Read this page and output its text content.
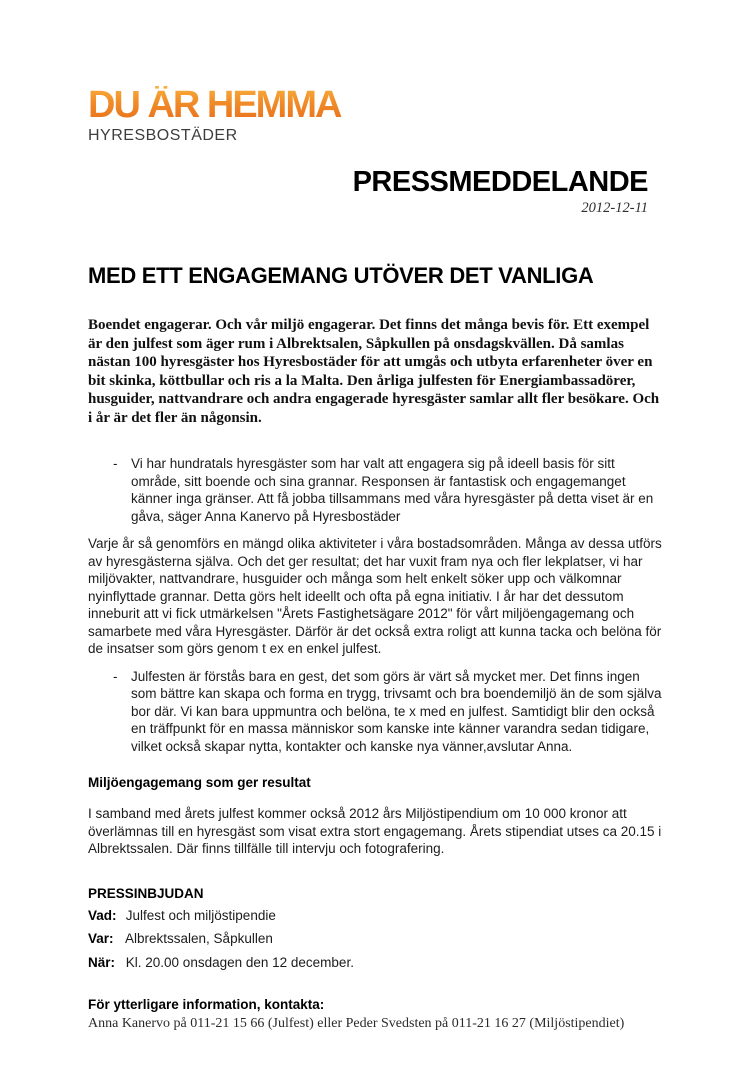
DU ÄR HEMMA
HYRESBOSTÄDER
PRESSMEDDELANDE
2012-12-11
MED ETT ENGAGEMANG UTÖVER DET VANLIGA

Boendet engagerar. Och vår miljö engagerar. Det finns det många bevis för. Ett exempel är den julfest som äger rum i Albrektsalen, Såpkullen på onsdagskvällen. Då samlas nästan 100 hyresgäster hos Hyresbostäder för att umgås och utbyta erfarenheter över en bit skinka, köttbullar och ris a la Malta. Den årliga julfesten för Energiambassadörer, husguider, nattvandrare och andra engagerade hyresgäster samlar allt fler besökare. Och i år är det fler än någonsin.

-	Vi har hundratals hyresgäster som har valt att engagera sig på ideell basis för sitt område, sitt boende och sina grannar. Responsen är fantastisk och engagemanget känner inga gränser. Att få jobba tillsammans med våra hyresgäster på detta viset är en gåva, säger Anna Kanervo på Hyresbostäder

Varje år så genomförs en mängd olika aktiviteter i våra bostadsområden. Många av dessa utförs av hyresgästerna själva. Och det ger resultat; det har vuxit fram nya och fler lekplatser, vi har miljövakter, nattvandrare, husguider och många som helt enkelt söker upp och välkomnar nyinflyttade grannar. Detta görs helt ideellt och ofta på egna initiativ. I år har det dessutom inneburit att vi fick utmärkelsen "Årets Fastighetsägare 2012" för vårt miljöengagemang och samarbete med våra Hyresgäster. Därför är det också extra roligt att kunna tacka och belöna för de insatser som görs genom t ex en enkel julfest.

-	Julfesten är förstås bara en gest, det som görs är värt så mycket mer. Det finns ingen som bättre kan skapa och forma en trygg, trivsamt och bra boendemiljö än de som själva bor där. Vi kan bara uppmuntra och belöna, te x med en julfest. Samtidigt blir den också en träffpunkt för en massa människor som kanske inte känner varandra sedan tidigare, vilket också skapar nytta, kontakter och kanske nya vänner,avslutar Anna.

Miljöengagemang som ger resultat

I samband med årets julfest kommer också 2012 års Miljöstipendium om 10 000 kronor att överlämnas till en hyresgäst som visat extra stort engagemang. Årets stipendiat utses ca 20.15 i Albrektssalen. Där finns tillfälle till intervju och fotografering.

PRESSINBJUDAN
Vad: Julfest och miljöstipendie
Var: Albrektssalen, Såpkullen
När: Kl. 20.00 onsdagen den 12 december.
För ytterligare information, kontakta:

Anna Kanervo på 011-21 15 66 (Julfest) eller Peder Svedsten på 011-21 16 27 (Miljöstipendiet)
